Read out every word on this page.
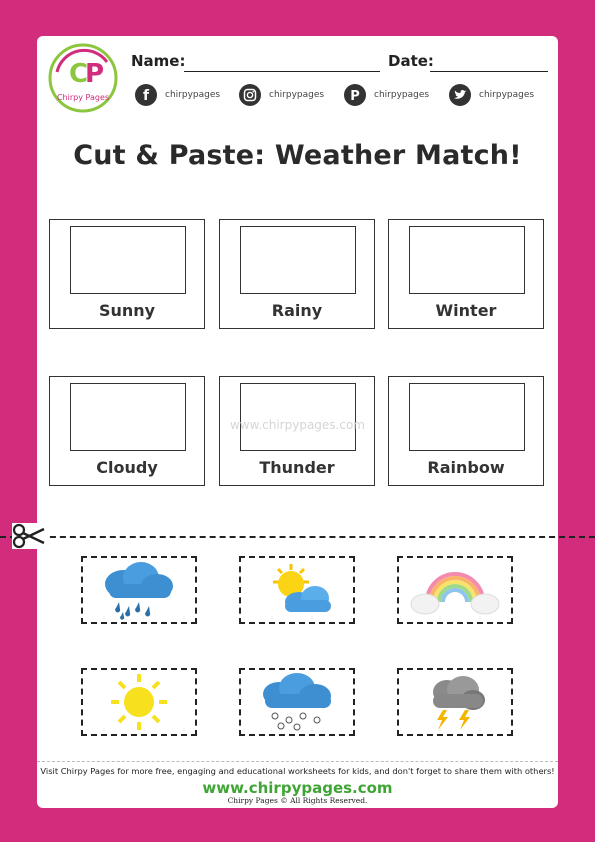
C
P
Chirpy Pages
Name:	Date:
f chirpypages	chirpypages P chirpypages	chirpypages
Cut & Paste: Weather Match!
Sunny	Rainy	Winter
Cloudy	Thunder	Rainbow
www.chirpypages.com
Visit Chirpy Pages for more free, engaging and educational worksheets for kids, and don't forget to share them with others!
www.chirpypages.com
Chirpy Pages © All Rights Reserved.
